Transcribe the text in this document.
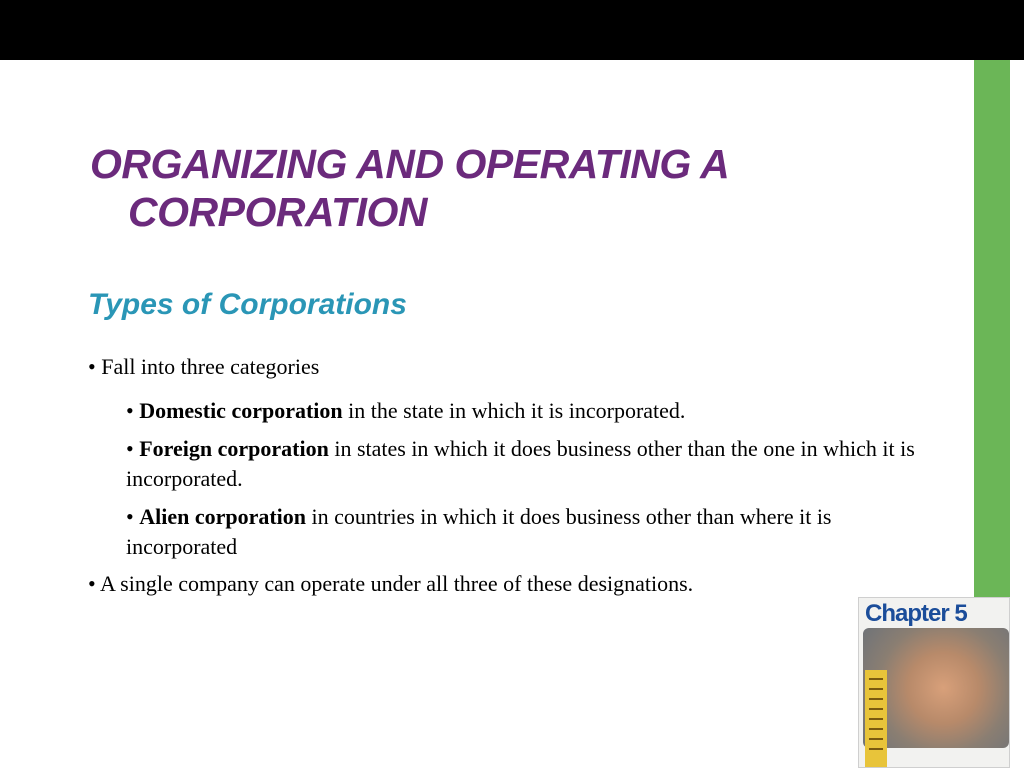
ORGANIZING AND OPERATING A
CORPORATION
Types of Corporations

• Fall into three categories

• Domestic corporation in the state in which it is incorporated.

• Foreign corporation in states in which it does business other than the one in which it is incorporated.

• Alien corporation in countries in which it does business other than where it is incorporated

• A single company can operate under all three of these designations.

Chapter 5
